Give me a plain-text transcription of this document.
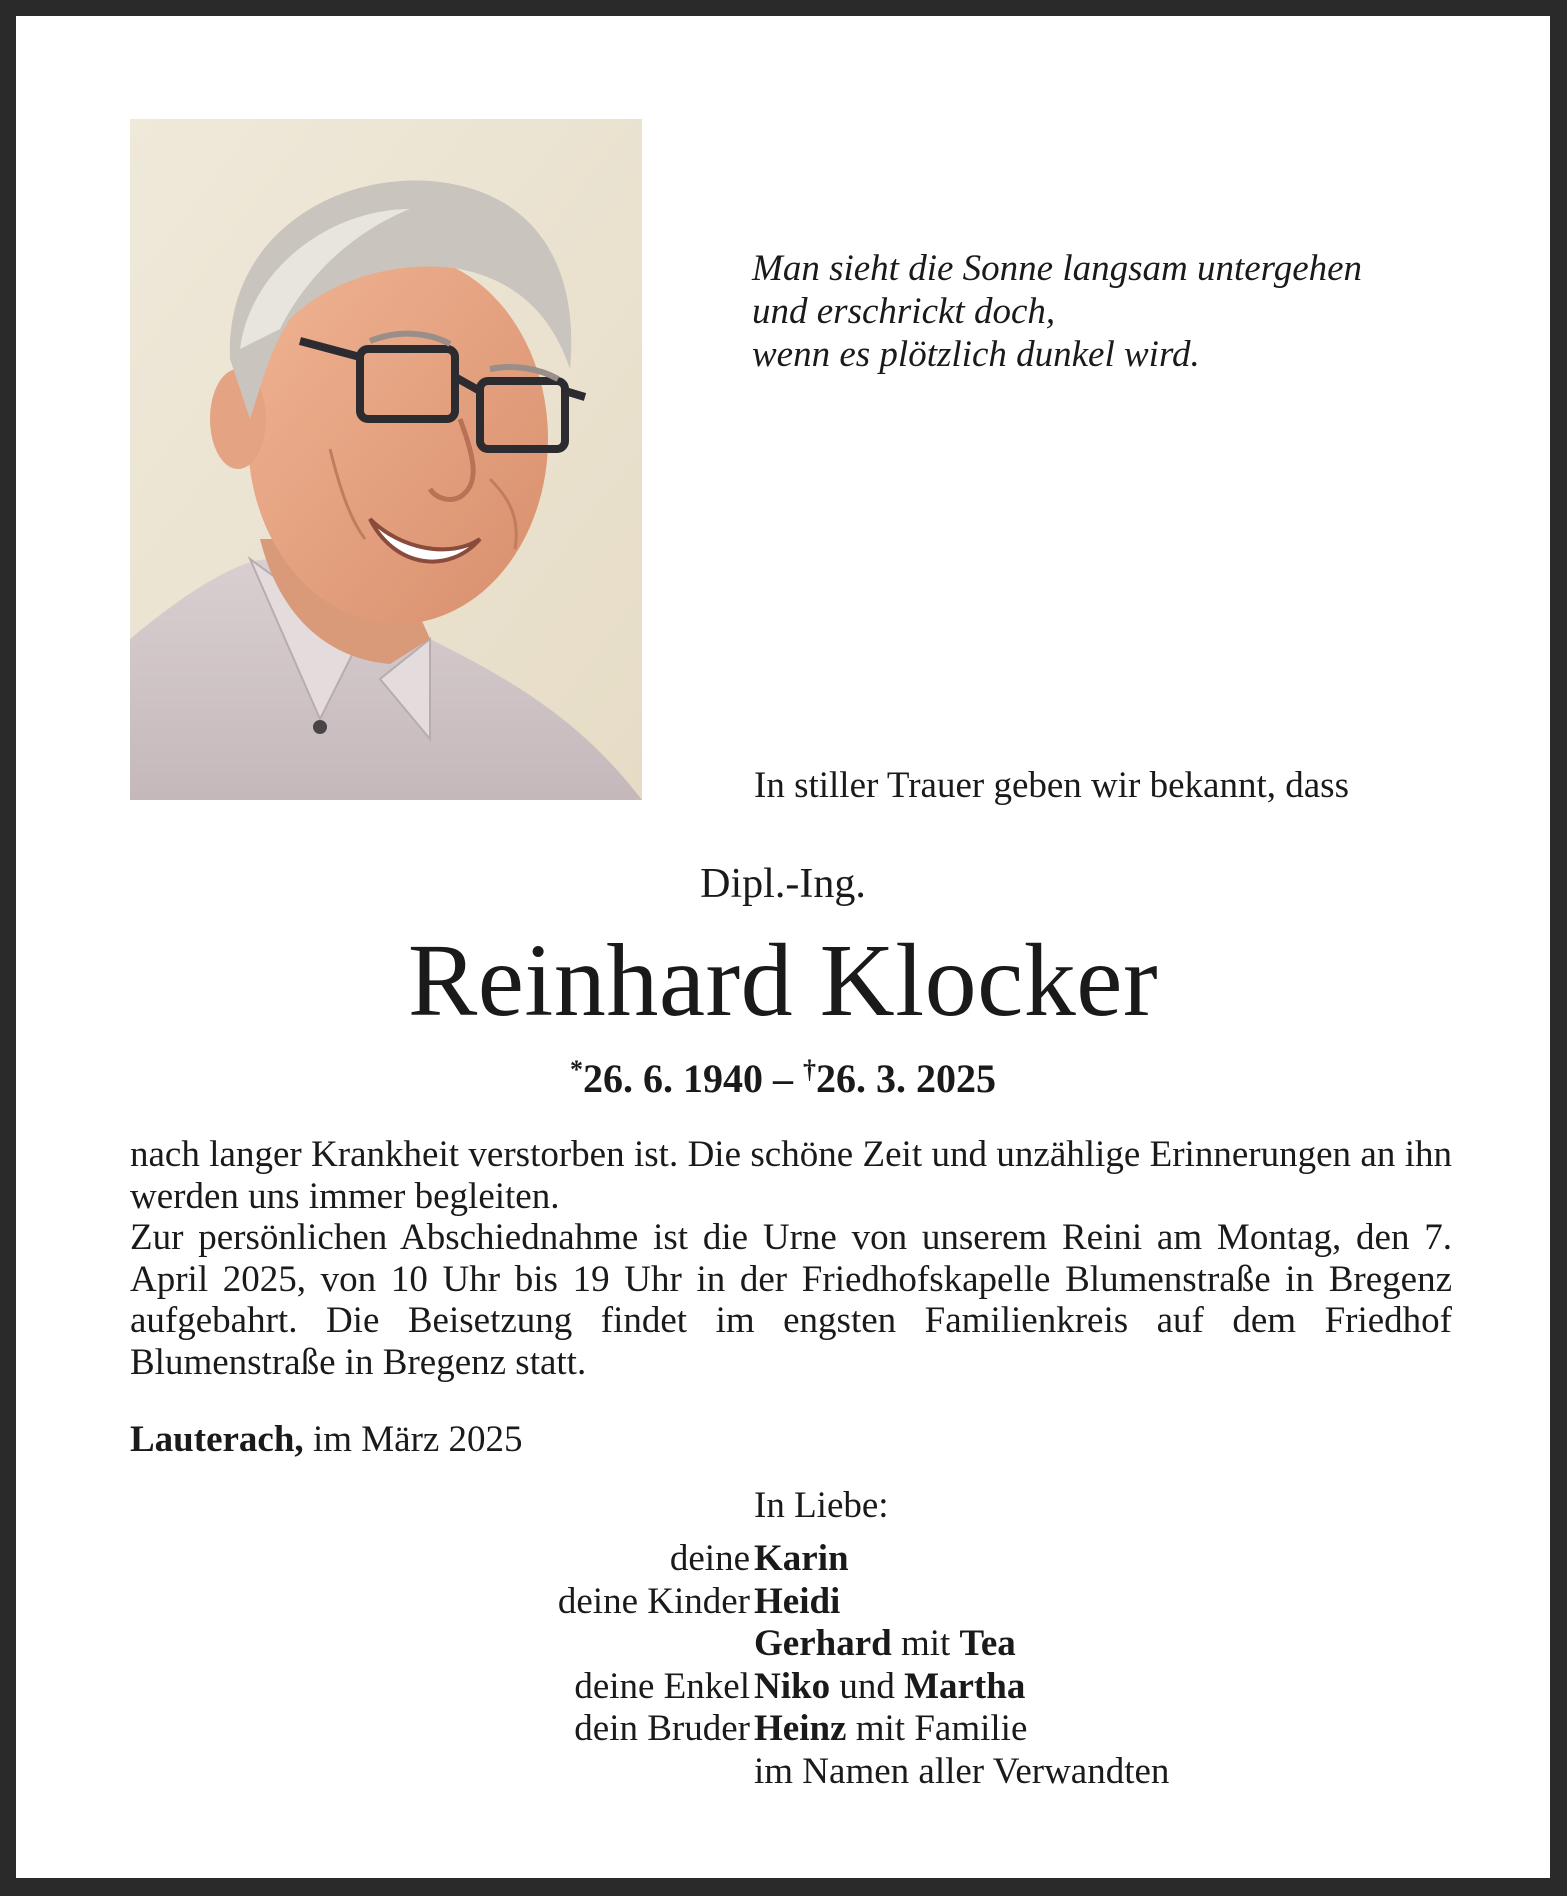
Man sieht die Sonne langsam untergehen
und erschrickt doch,
wenn es plötzlich dunkel wird.
In stiller Trauer geben wir bekannt, dass
Dipl.-Ing.
Reinhard Klocker
*26. 6. 1940 – †26. 3. 2025

nach langer Krankheit verstorben ist. Die schöne Zeit und unzählige Erinnerungen an ihn werden uns immer begleiten.

Zur persönlichen Abschiednahme ist die Urne von unserem Reini am Montag, den 7. April 2025, von 10 Uhr bis 19 Uhr in der Friedhofskapelle Blumenstraße in Bregenz aufgebahrt. Die Beisetzung findet im engsten Familienkreis auf dem Friedhof Blumenstraße in Bregenz statt.

Lauterach, im März 2025
In Liebe:
deine Karin
deine Kinder Heidi
Gerhard mit Tea
deine Enkel Niko und Martha
dein Bruder Heinz mit Familie
im Namen aller Verwandten
